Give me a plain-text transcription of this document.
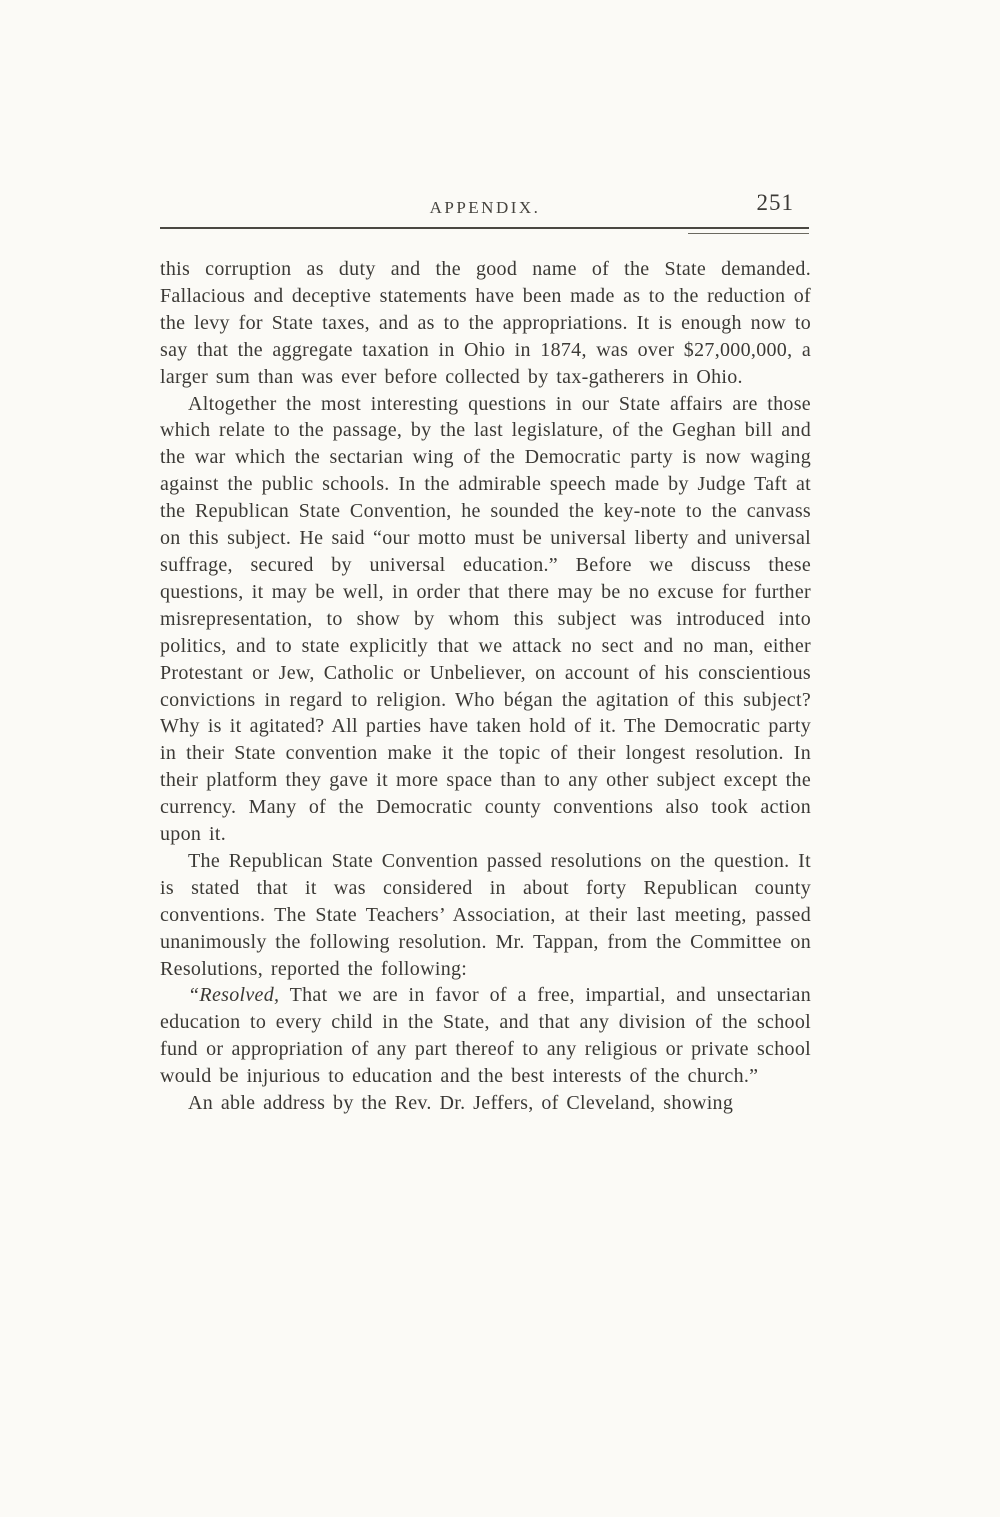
APPENDIX.	251

this corruption as duty and the good name of the State demanded. Fallacious and deceptive statements have been made as to the reduction of the levy for State taxes, and as to the appropriations. It is enough now to say that the aggregate taxation in Ohio in 1874, was over $27,000,000, a larger sum than was ever before collected by tax-gatherers in Ohio.

Altogether the most interesting questions in our State affairs are those which relate to the passage, by the last legislature, of the Geghan bill and the war which the sectarian wing of the Democratic party is now waging against the public schools. In the admirable speech made by Judge Taft at the Republican State Convention, he sounded the key-note to the canvass on this subject. He said “our motto must be universal liberty and universal suffrage, secured by universal education.” Before we discuss these questions, it may be well, in order that there may be no excuse for further misrepresentation, to show by whom this subject was introduced into politics, and to state explicitly that we attack no sect and no man, either Protestant or Jew, Catholic or Unbeliever, on account of his conscientious convictions in regard to religion. Who bégan the agitation of this subject? Why is it agitated? All parties have taken hold of it. The Democratic party in their State convention make it the topic of their longest resolution. In their platform they gave it more space than to any other subject except the currency. Many of the Democratic county conventions also took action upon it.

The Republican State Convention passed resolutions on the question. It is stated that it was considered in about forty Republican county conventions. The State Teachers’ Association, at their last meeting, passed unanimously the following resolution. Mr. Tappan, from the Committee on Resolutions, reported the following:

“Resolved, That we are in favor of a free, impartial, and unsectarian education to every child in the State, and that any division of the school fund or appropriation of any part thereof to any religious or private school would be injurious to education and the best interests of the church.”

An able address by the Rev. Dr. Jeffers, of Cleveland, showing
